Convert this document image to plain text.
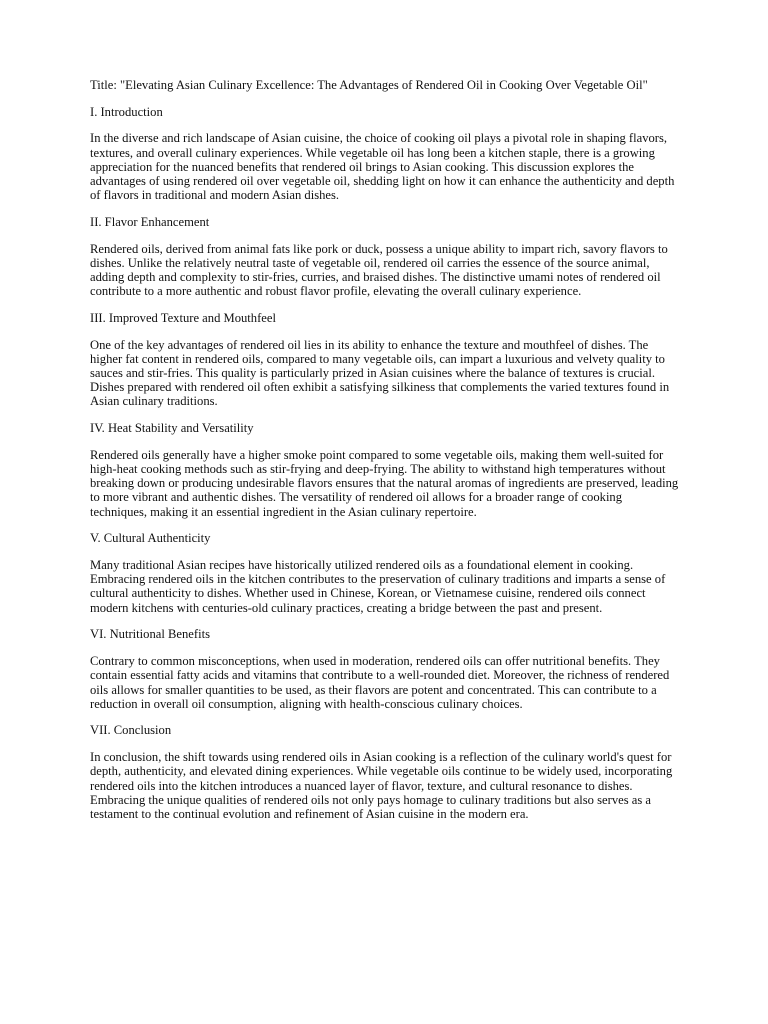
Title: "Elevating Asian Culinary Excellence: The Advantages of Rendered Oil in Cooking Over Vegetable Oil"
I. Introduction
In the diverse and rich landscape of Asian cuisine, the choice of cooking oil plays a pivotal role in shaping flavors, textures, and overall culinary experiences. While vegetable oil has long been a kitchen staple, there is a growing appreciation for the nuanced benefits that rendered oil brings to Asian cooking. This discussion explores the advantages of using rendered oil over vegetable oil, shedding light on how it can enhance the authenticity and depth of flavors in traditional and modern Asian dishes.
II. Flavor Enhancement
Rendered oils, derived from animal fats like pork or duck, possess a unique ability to impart rich, savory flavors to dishes. Unlike the relatively neutral taste of vegetable oil, rendered oil carries the essence of the source animal, adding depth and complexity to stir-fries, curries, and braised dishes. The distinctive umami notes of rendered oil contribute to a more authentic and robust flavor profile, elevating the overall culinary experience.
III. Improved Texture and Mouthfeel
One of the key advantages of rendered oil lies in its ability to enhance the texture and mouthfeel of dishes. The higher fat content in rendered oils, compared to many vegetable oils, can impart a luxurious and velvety quality to sauces and stir-fries. This quality is particularly prized in Asian cuisines where the balance of textures is crucial. Dishes prepared with rendered oil often exhibit a satisfying silkiness that complements the varied textures found in Asian culinary traditions.
IV. Heat Stability and Versatility
Rendered oils generally have a higher smoke point compared to some vegetable oils, making them well-suited for high-heat cooking methods such as stir-frying and deep-frying. The ability to withstand high temperatures without breaking down or producing undesirable flavors ensures that the natural aromas of ingredients are preserved, leading to more vibrant and authentic dishes. The versatility of rendered oil allows for a broader range of cooking techniques, making it an essential ingredient in the Asian culinary repertoire.
V. Cultural Authenticity
Many traditional Asian recipes have historically utilized rendered oils as a foundational element in cooking. Embracing rendered oils in the kitchen contributes to the preservation of culinary traditions and imparts a sense of cultural authenticity to dishes. Whether used in Chinese, Korean, or Vietnamese cuisine, rendered oils connect modern kitchens with centuries-old culinary practices, creating a bridge between the past and present.
VI. Nutritional Benefits
Contrary to common misconceptions, when used in moderation, rendered oils can offer nutritional benefits. They contain essential fatty acids and vitamins that contribute to a well-rounded diet. Moreover, the richness of rendered oils allows for smaller quantities to be used, as their flavors are potent and concentrated. This can contribute to a reduction in overall oil consumption, aligning with health-conscious culinary choices.
VII. Conclusion
In conclusion, the shift towards using rendered oils in Asian cooking is a reflection of the culinary world's quest for depth, authenticity, and elevated dining experiences. While vegetable oils continue to be widely used, incorporating rendered oils into the kitchen introduces a nuanced layer of flavor, texture, and cultural resonance to dishes. Embracing the unique qualities of rendered oils not only pays homage to culinary traditions but also serves as a testament to the continual evolution and refinement of Asian cuisine in the modern era.
